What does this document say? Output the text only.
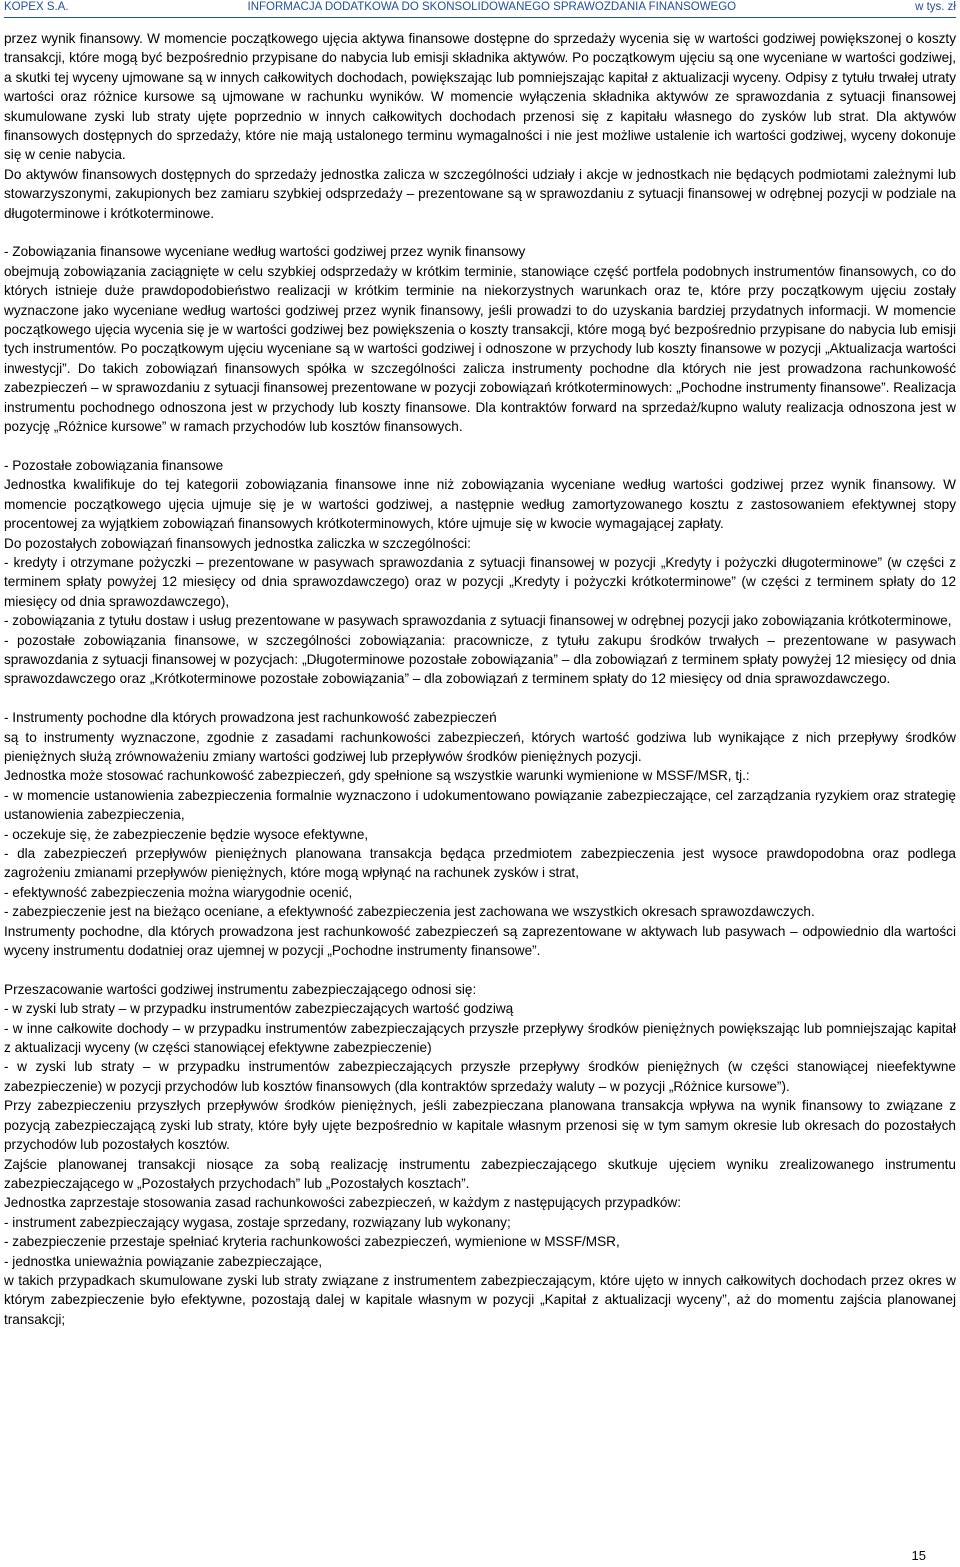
KOPEX S.A.	INFORMACJA DODATKOWA DO SKONSOLIDOWANEGO SPRAWOZDANIA FINANSOWEGO	w tys. zł

przez wynik finansowy. W momencie początkowego ujęcia aktywa finansowe dostępne do sprzedaży wycenia się w wartości godziwej powiększonej o koszty transakcji, które mogą być bezpośrednio przypisane do nabycia lub emisji składnika aktywów. Po początkowym ujęciu są one wyceniane w wartości godziwej, a skutki tej wyceny ujmowane są w innych całkowitych dochodach, powiększając lub pomniejszając kapitał z aktualizacji wyceny. Odpisy z tytułu trwałej utraty wartości oraz różnice kursowe są ujmowane w rachunku wyników. W momencie wyłączenia składnika aktywów ze sprawozdania z sytuacji finansowej skumulowane zyski lub straty ujęte poprzednio w innych całkowitych dochodach przenosi się z kapitału własnego do zysków lub strat. Dla aktywów finansowych dostępnych do sprzedaży, które nie mają ustalonego terminu wymagalności i nie jest możliwe ustalenie ich wartości godziwej, wyceny dokonuje się w cenie nabycia.

Do aktywów finansowych dostępnych do sprzedaży jednostka zalicza w szczególności udziały i akcje w jednostkach nie będących podmiotami zależnymi lub stowarzyszonymi, zakupionych bez zamiaru szybkiej odsprzedaży – prezentowane są w sprawozdaniu z sytuacji finansowej w odrębnej pozycji w podziale na długoterminowe i krótkoterminowe.

- Zobowiązania finansowe wyceniane według wartości godziwej przez wynik finansowy

obejmują zobowiązania zaciągnięte w celu szybkiej odsprzedaży w krótkim terminie, stanowiące część portfela podobnych instrumentów finansowych, co do których istnieje duże prawdopodobieństwo realizacji w krótkim terminie na niekorzystnych warunkach oraz te, które przy początkowym ujęciu zostały wyznaczone jako wyceniane według wartości godziwej przez wynik finansowy, jeśli prowadzi to do uzyskania bardziej przydatnych informacji. W momencie początkowego ujęcia wycenia się je w wartości godziwej bez powiększenia o koszty transakcji, które mogą być bezpośrednio przypisane do nabycia lub emisji tych instrumentów. Po początkowym ujęciu wyceniane są w wartości godziwej i odnoszone w przychody lub koszty finansowe w pozycji „Aktualizacja wartości inwestycji”. Do takich zobowiązań finansowych spółka w szczególności zalicza instrumenty pochodne dla których nie jest prowadzona rachunkowość zabezpieczeń – w sprawozdaniu z sytuacji finansowej prezentowane w pozycji zobowiązań krótkoterminowych: „Pochodne instrumenty finansowe”. Realizacja instrumentu pochodnego odnoszona jest w przychody lub koszty finansowe. Dla kontraktów forward na sprzedaż/kupno waluty realizacja odnoszona jest w pozycję „Różnice kursowe” w ramach przychodów lub kosztów finansowych.

- Pozostałe zobowiązania finansowe

Jednostka kwalifikuje do tej kategorii zobowiązania finansowe inne niż zobowiązania wyceniane według wartości godziwej przez wynik finansowy. W momencie początkowego ujęcia ujmuje się je w wartości godziwej, a następnie według zamortyzowanego kosztu z zastosowaniem efektywnej stopy procentowej za wyjątkiem zobowiązań finansowych krótkoterminowych, które ujmuje się w kwocie wymagającej zapłaty.

Do pozostałych zobowiązań finansowych jednostka zaliczka w szczególności:

- kredyty i otrzymane pożyczki – prezentowane w pasywach sprawozdania z sytuacji finansowej w pozycji „Kredyty i pożyczki długoterminowe” (w części z terminem spłaty powyżej 12 miesięcy od dnia sprawozdawczego) oraz w pozycji „Kredyty i pożyczki krótkoterminowe” (w części z terminem spłaty do 12 miesięcy od dnia sprawozdawczego),

- zobowiązania z tytułu dostaw i usług prezentowane w pasywach sprawozdania z sytuacji finansowej w odrębnej pozycji jako zobowiązania krótkoterminowe,

- pozostałe zobowiązania finansowe, w szczególności zobowiązania: pracownicze, z tytułu zakupu środków trwałych – prezentowane w pasywach sprawozdania z sytuacji finansowej w pozycjach: „Długoterminowe pozostałe zobowiązania” – dla zobowiązań z terminem spłaty powyżej 12 miesięcy od dnia sprawozdawczego oraz „Krótkoterminowe pozostałe zobowiązania” – dla zobowiązań z terminem spłaty do 12 miesięcy od dnia sprawozdawczego.

- Instrumenty pochodne dla których prowadzona jest rachunkowość zabezpieczeń

są to instrumenty wyznaczone, zgodnie z zasadami rachunkowości zabezpieczeń, których wartość godziwa lub wynikające z nich przepływy środków pieniężnych służą zrównoważeniu zmiany wartości godziwej lub przepływów środków pieniężnych pozycji.

Jednostka może stosować rachunkowość zabezpieczeń, gdy spełnione są wszystkie warunki wymienione w MSSF/MSR, tj.:

- w momencie ustanowienia zabezpieczenia formalnie wyznaczono i udokumentowano powiązanie zabezpieczające, cel zarządzania ryzykiem oraz strategię ustanowienia zabezpieczenia,

- oczekuje się, że zabezpieczenie będzie wysoce efektywne,

- dla zabezpieczeń przepływów pieniężnych planowana transakcja będąca przedmiotem zabezpieczenia jest wysoce prawdopodobna oraz podlega zagrożeniu zmianami przepływów pieniężnych, które mogą wpłynąć na rachunek zysków i strat,

- efektywność zabezpieczenia można wiarygodnie ocenić,

- zabezpieczenie jest na bieżąco oceniane, a efektywność zabezpieczenia jest zachowana we wszystkich okresach sprawozdawczych.

Instrumenty pochodne, dla których prowadzona jest rachunkowość zabezpieczeń są zaprezentowane w aktywach lub pasywach – odpowiednio dla wartości wyceny instrumentu dodatniej oraz ujemnej w pozycji „Pochodne instrumenty finansowe”.

Przeszacowanie wartości godziwej instrumentu zabezpieczającego odnosi się:

- w zyski lub straty – w przypadku instrumentów zabezpieczających wartość godziwą

- w inne całkowite dochody – w przypadku instrumentów zabezpieczających przyszłe przepływy środków pieniężnych powiększając lub pomniejszając kapitał z aktualizacji wyceny (w części stanowiącej efektywne zabezpieczenie)

- w zyski lub straty – w przypadku instrumentów zabezpieczających przyszłe przepływy środków pieniężnych (w części stanowiącej nieefektywne zabezpieczenie) w pozycji przychodów lub kosztów finansowych (dla kontraktów sprzedaży waluty – w pozycji „Różnice kursowe”).

Przy zabezpieczeniu przyszłych przepływów środków pieniężnych, jeśli zabezpieczana planowana transakcja wpływa na wynik finansowy to związane z pozycją zabezpieczającą zyski lub straty, które były ujęte bezpośrednio w kapitale własnym przenosi się w tym samym okresie lub okresach do pozostałych przychodów lub pozostałych kosztów.

Zajście planowanej transakcji niosące za sobą realizację instrumentu zabezpieczającego skutkuje ujęciem wyniku zrealizowanego instrumentu zabezpieczającego w „Pozostałych przychodach” lub „Pozostałych kosztach”.

Jednostka zaprzestaje stosowania zasad rachunkowości zabezpieczeń, w każdym z następujących przypadków:

- instrument zabezpieczający wygasa, zostaje sprzedany, rozwiązany lub wykonany;

- zabezpieczenie przestaje spełniać kryteria rachunkowości zabezpieczeń, wymienione w MSSF/MSR,

- jednostka unieważnia powiązanie zabezpieczające,

w takich przypadkach skumulowane zyski lub straty związane z instrumentem zabezpieczającym, które ujęto w innych całkowitych dochodach przez okres w którym zabezpieczenie było efektywne, pozostają dalej w kapitale własnym w pozycji „Kapitał z aktualizacji wyceny”, aż do momentu zajścia planowanej transakcji;

15
